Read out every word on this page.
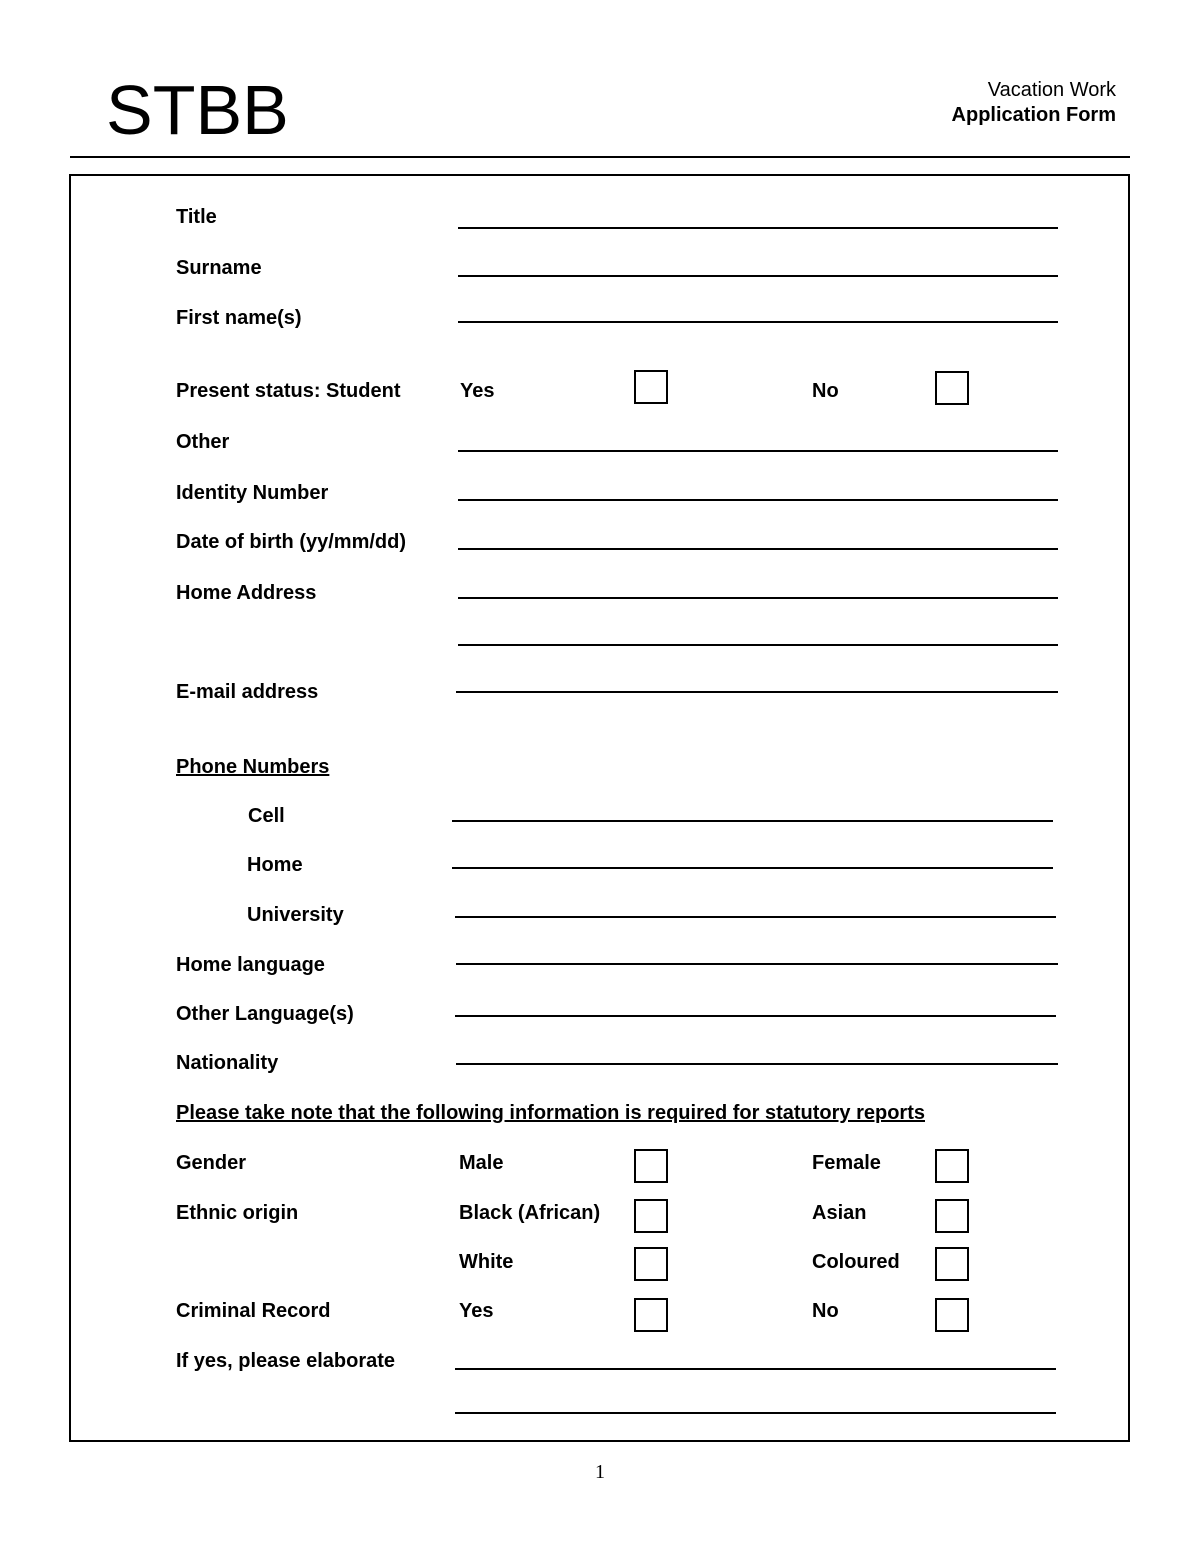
STBB	Vacation Work
Application Form
Title
Surname
First name(s)
Present status: Student	Yes	No
Other
Identity Number
Date of birth (yy/mm/dd)
Home Address
E-mail address
Phone Numbers
Cell
Home
University
Home language
Other Language(s)
Nationality
Please take note that the following information is required for statutory reports
Gender	Male	Female
Ethnic origin	Black (African)	Asian
White	Coloured
Criminal Record	Yes	No
If yes, please elaborate
1
